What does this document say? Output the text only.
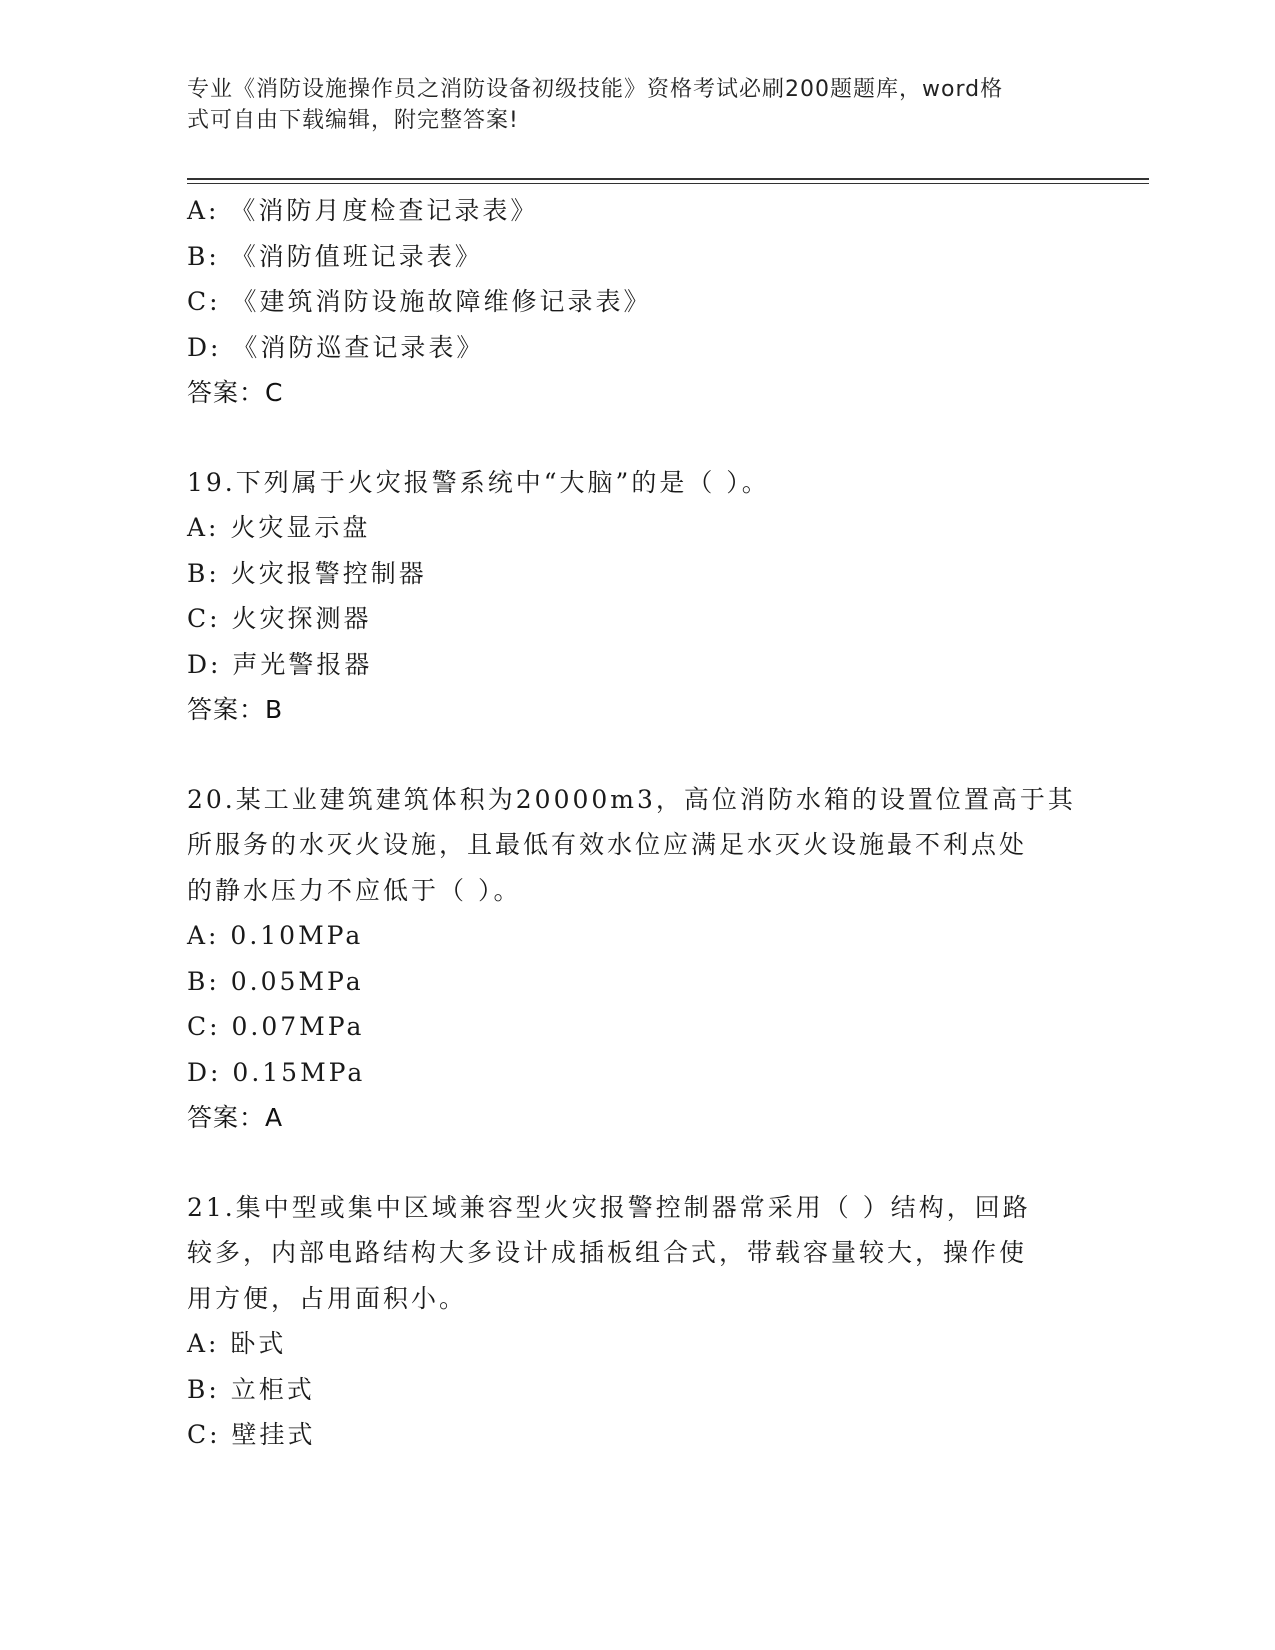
专业《消防设施操作员之消防设备初级技能》资格考试必刷200题题库，word格
式可自由下载编辑，附完整答案!
A: 《消防月度检查记录表》
B: 《消防值班记录表》
C: 《建筑消防设施故障维修记录表》
D: 《消防巡查记录表》
答案：C
19.下列属于火灾报警系统中“大脑”的是（ ）。
A: 火灾显示盘
B: 火灾报警控制器
C: 火灾探测器
D: 声光警报器
答案：B
20.某工业建筑建筑体积为20000m3，高位消防水箱的设置位置高于其
所服务的水灭火设施，且最低有效水位应满足水灭火设施最不利点处
的静水压力不应低于（ ）。
A: 0.10MPa
B: 0.05MPa
C: 0.07MPa
D: 0.15MPa
答案：A
21.集中型或集中区域兼容型火灾报警控制器常采用（ ）结构，回路
较多，内部电路结构大多设计成插板组合式，带载容量较大，操作使
用方便，占用面积小。
A: 卧式
B: 立柜式
C: 壁挂式
